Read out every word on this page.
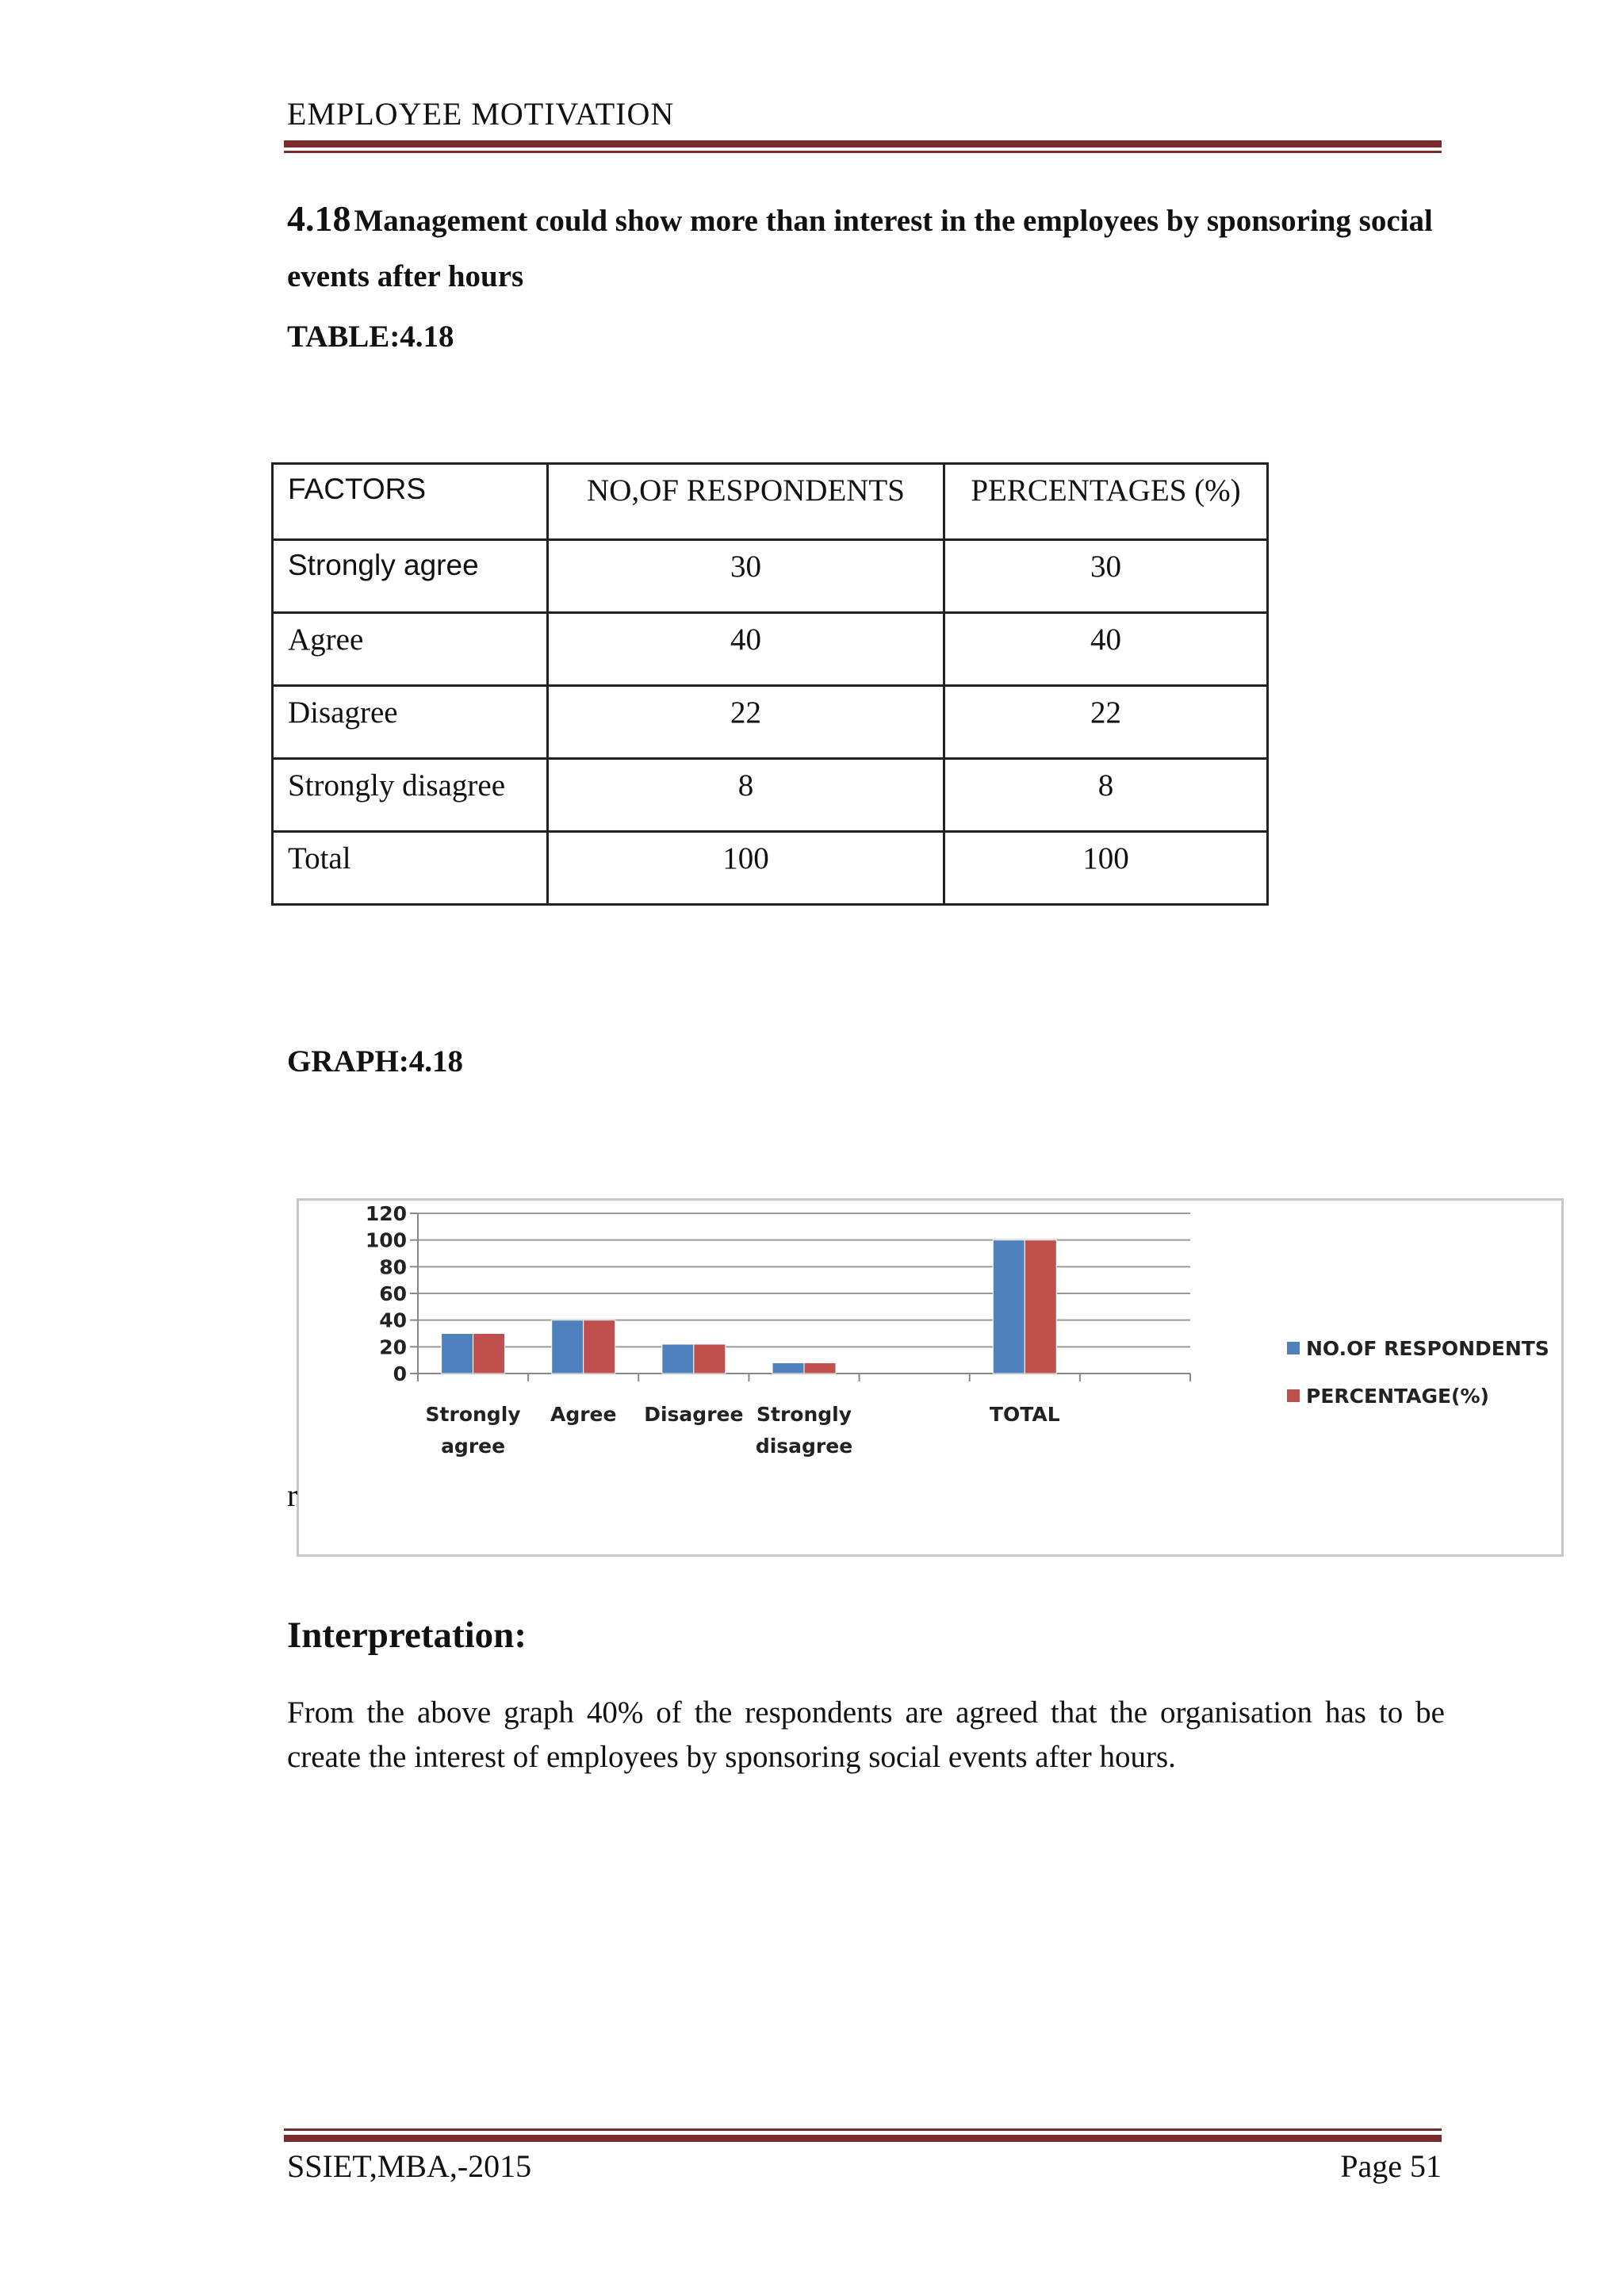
EMPLOYEE MOTIVATION
4.18 Management could show more than interest in the employees by sponsoring social events after hours
TABLE:4.18
FACTORS	NO,OF RESPONDENTS	PERCENTAGES (%)
Strongly agree	30	30
Agree	40	40
Disagree	22	22
Strongly disagree	8	8
Total	100	100
GRAPH:4.18
0
20
40
60
80
100
120
Strongly
agree
Agree Disagree Strongly
disagree
TOTAL
NO.OF RESPONDENTS
PERCENTAGE(%)
r
Interpretation:
From the above graph 40% of the respondents are agreed that the organisation has to be create the interest of employees by sponsoring social events after hours.
SSIET,MBA,-2015	Page 51
